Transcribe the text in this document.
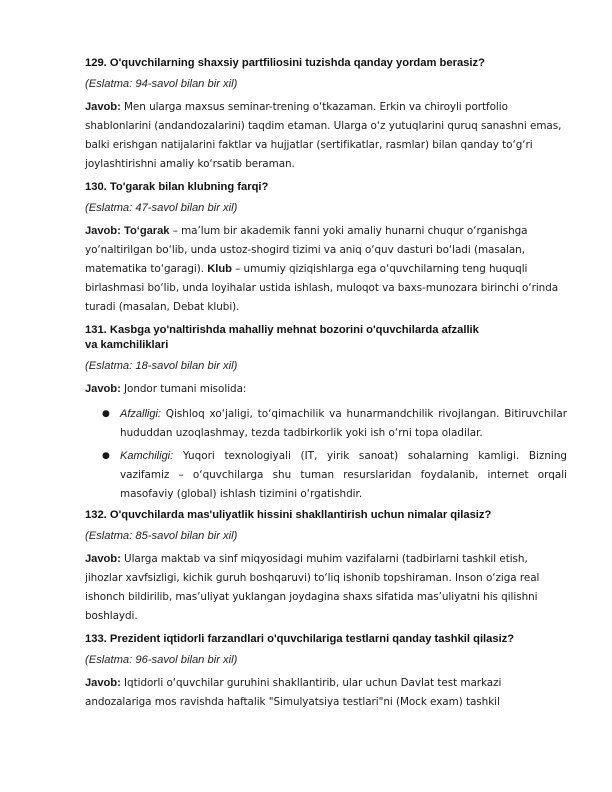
129. O'quvchilarning shaxsiy partfiliosini tuzishda qanday yordam berasiz?

(Eslatma: 94-savol bilan bir xil)

Javob: Men ularga maxsus seminar-trening o‘tkazaman. Erkin va chiroyli portfolio shablonlarini (andandozalarini) taqdim etaman. Ularga o‘z yutuqlarini quruq sanashni emas, balki erishgan natijalarini faktlar va hujjatlar (sertifikatlar, rasmlar) bilan qanday to‘g‘ri joylashtirishni amaliy ko‘rsatib beraman.

130. To'garak bilan klubning farqi?

(Eslatma: 47-savol bilan bir xil)

Javob: To‘garak – ma’lum bir akademik fanni yoki amaliy hunarni chuqur o‘rganishga yo‘naltirilgan bo‘lib, unda ustoz-shogird tizimi va aniq o‘quv dasturi bo‘ladi (masalan, matematika to‘garagi). Klub – umumiy qiziqishlarga ega o‘quvchilarning teng huquqli birlashmasi bo‘lib, unda loyihalar ustida ishlash, muloqot va baxs-munozara birinchi o‘rinda turadi (masalan, Debat klubi).

131. Kasbga yo'naltirishda mahalliy mehnat bozorini o'quvchilarda afzallik
va kamchiliklari

(Eslatma: 18-savol bilan bir xil)

Javob: Jondor tumani misolida:

● Afzalligi: Qishloq xo‘jaligi, to‘qimachilik va hunarmandchilik rivojlangan. Bitiruvchilar hududdan uzoqlashmay, tezda tadbirkorlik yoki ish o‘rni topa oladilar.
● Kamchiligi: Yuqori texnologiyali (IT, yirik sanoat) sohalarning kamligi. Bizning vazifamiz – o‘quvchilarga shu tuman resurslaridan foydalanib, internet orqali masofaviy (global) ishlash tizimini o‘rgatishdir.

132. O'quvchilarda mas'uliyatlik hissini shakllantirish uchun nimalar qilasiz?

(Eslatma: 85-savol bilan bir xil)

Javob: Ularga maktab va sinf miqyosidagi muhim vazifalarni (tadbirlarni tashkil etish, jihozlar xavfsizligi, kichik guruh boshqaruvi) to‘liq ishonib topshiraman. Inson o‘ziga real ishonch bildirilib, mas’uliyat yuklangan joydagina shaxs sifatida mas’uliyatni his qilishni boshlaydi.

133. Prezident iqtidorli farzandlari o'quvchilariga testlarni qanday tashkil qilasiz?

(Eslatma: 96-savol bilan bir xil)

Javob: Iqtidorli o‘quvchilar guruhini shakllantirib, ular uchun Davlat test markazi andozalariga mos ravishda haftalik "Simulyatsiya testlari"ni (Mock exam) tashkil
